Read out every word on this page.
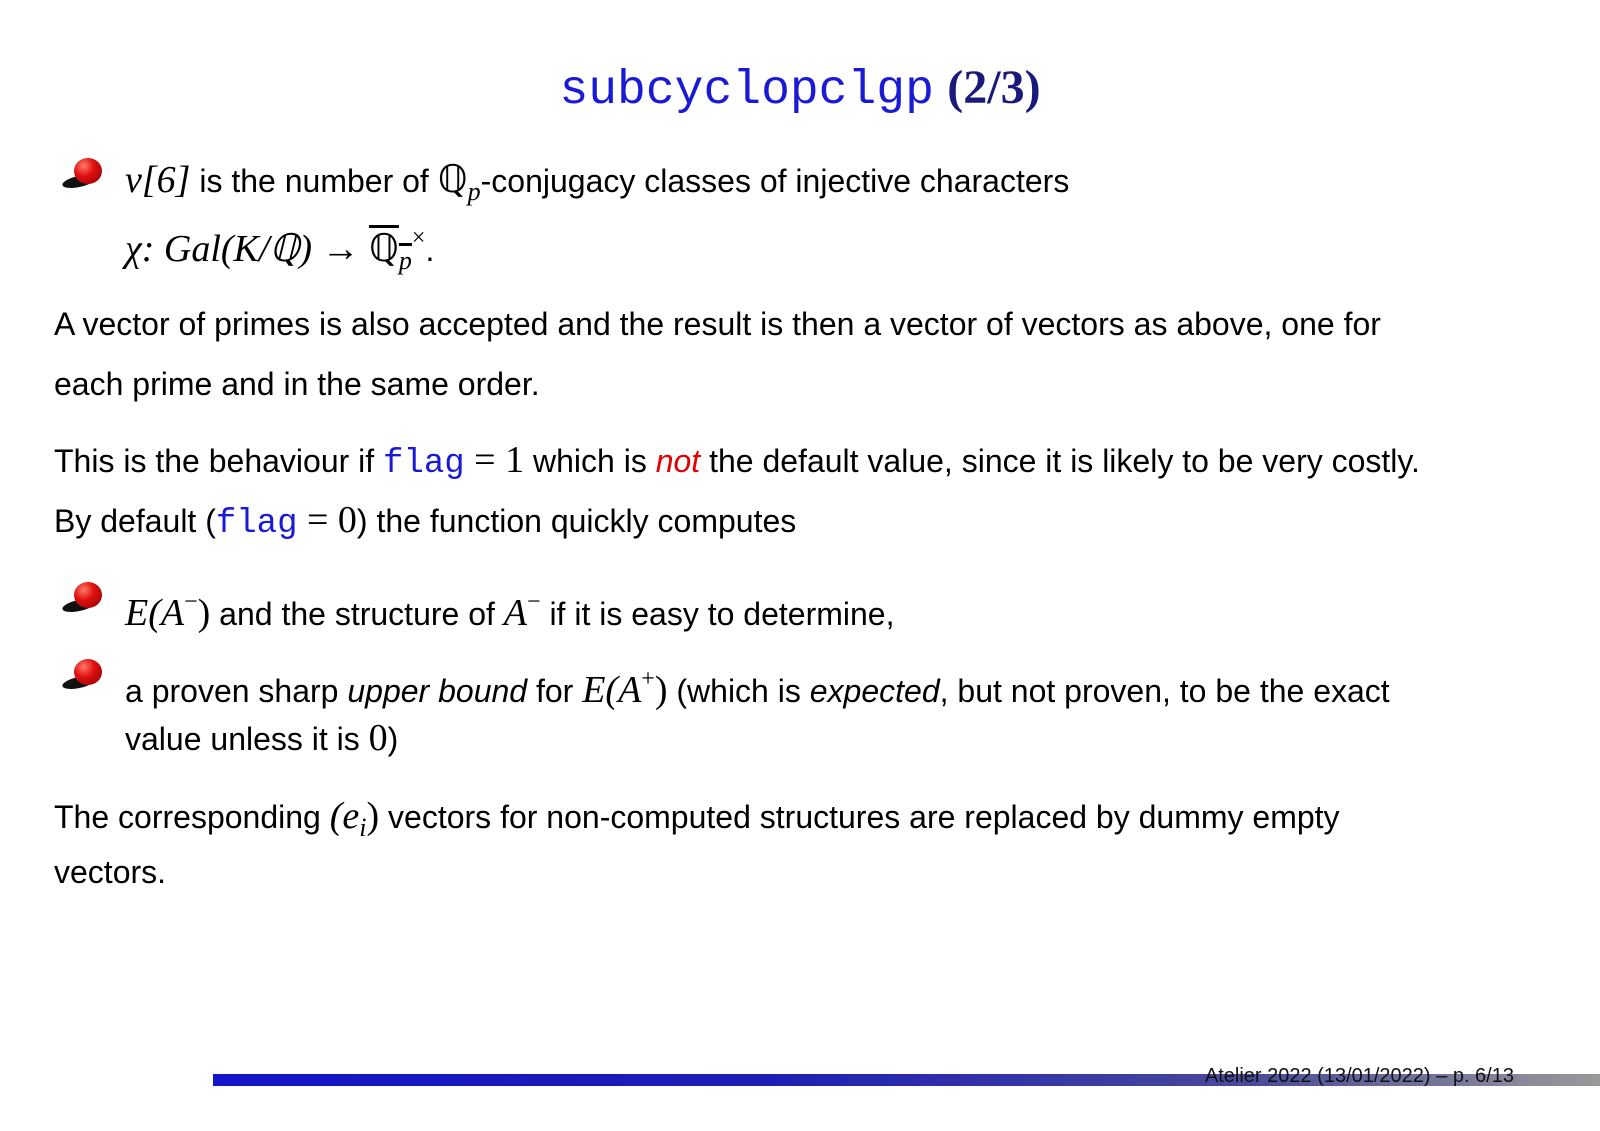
subcyclopclgp (2/3)
v[6] is the number of ℚ$_p$-conjugacy classes of injective characters
χ: Gal(K/ℚ) → ℚ$_p$×.
A vector of primes is also accepted and the result is then a vector of vectors as above, one for
each prime and in the same order.
This is the behaviour if flag = 1 which is not the default value, since it is likely to be very costly.
By default (flag = 0) the function quickly computes
E(A−) and the structure of A− if it is easy to determine,
a proven sharp upper bound for E(A+) (which is expected, but not proven, to be the exact
value unless it is 0)
The corresponding $(e_i)$ vectors for non-computed structures are replaced by dummy empty
vectors.
Atelier 2022 (13/01/2022) – p. 6/13
